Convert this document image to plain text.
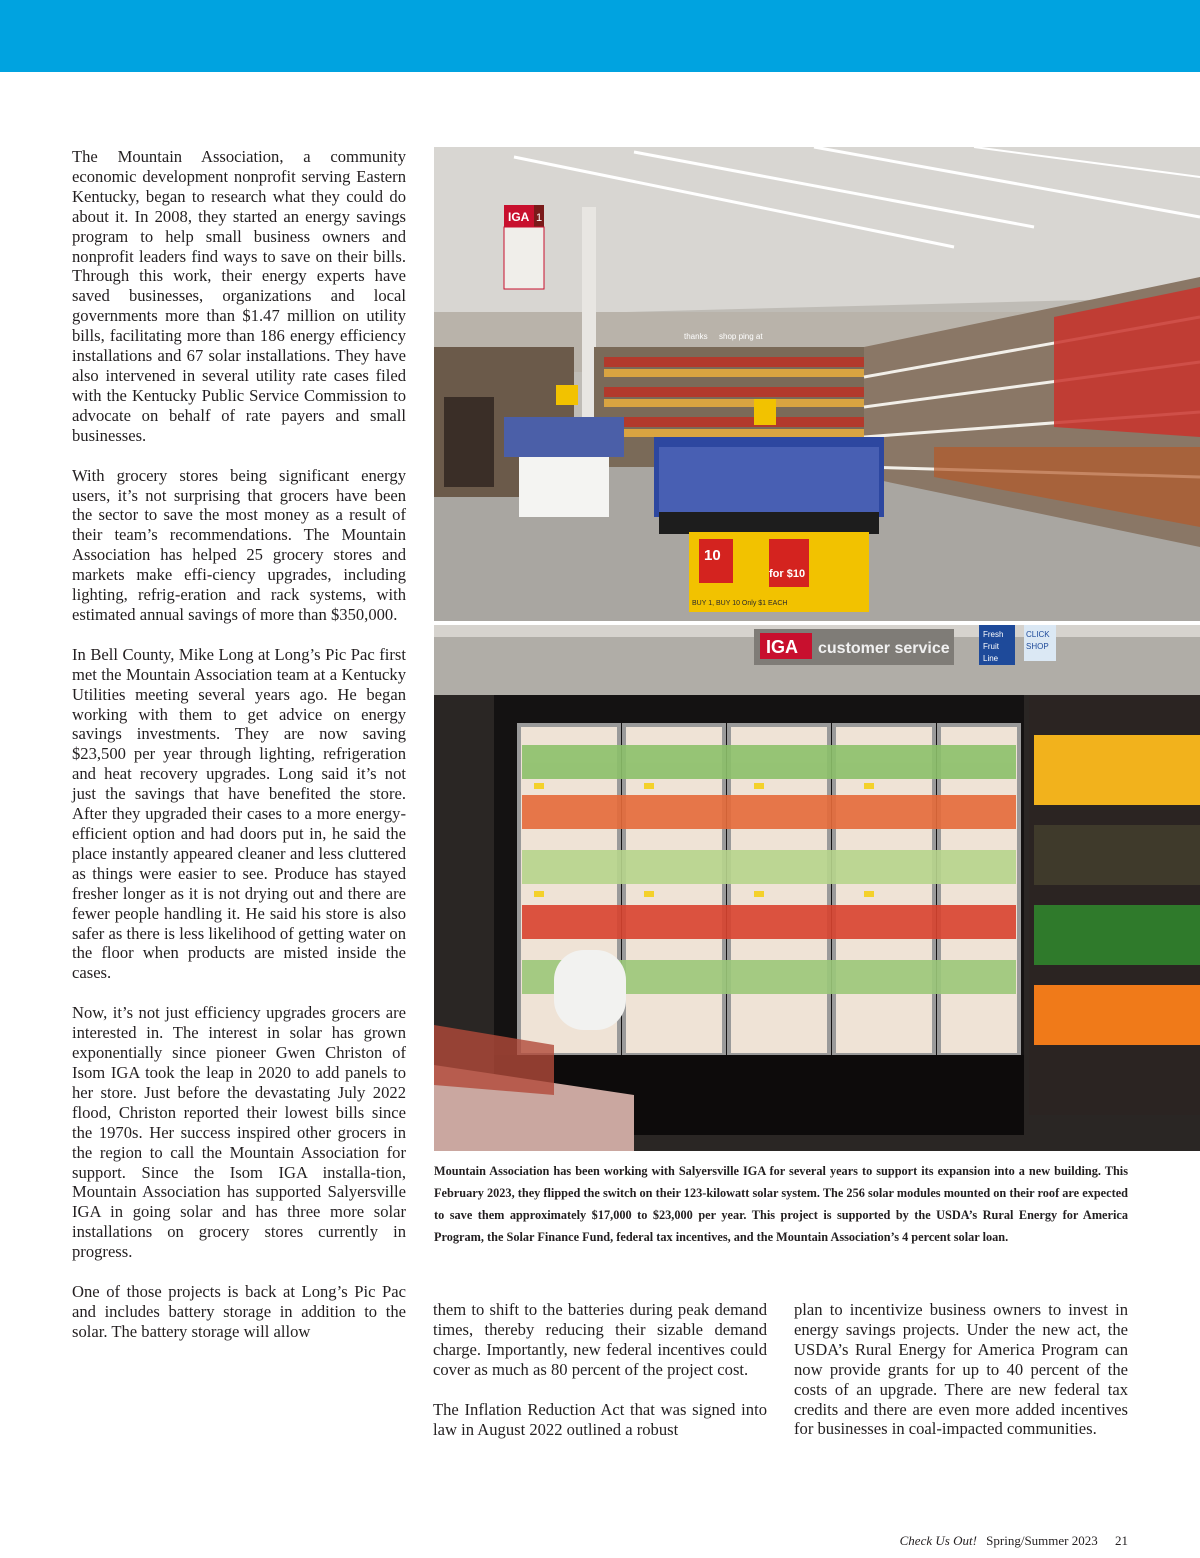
The Mountain Association, a community economic development nonprofit serving Eastern Kentucky, began to research what they could do about it. In 2008, they started an energy savings program to help small business owners and nonprofit leaders find ways to save on their bills. Through this work, their energy experts have saved businesses, organizations and local governments more than $1.47 million on utility bills, facilitating more than 186 energy efficiency installations and 67 solar installations. They have also intervened in several utility rate cases filed with the Kentucky Public Service Commission to advocate on behalf of rate payers and small businesses.

With grocery stores being significant energy users, it’s not surprising that grocers have been the sector to save the most money as a result of their team’s recommendations. The Mountain Association has helped 25 grocery stores and markets make effi-ciency upgrades, including lighting, refrig-eration and rack systems, with estimated annual savings of more than $350,000.

In Bell County, Mike Long at Long’s Pic Pac first met the Mountain Association team at a Kentucky Utilities meeting several years ago. He began working with them to get advice on energy savings investments. They are now saving $23,500 per year through lighting, refrigeration and heat recovery upgrades. Long said it’s not just the savings that have benefited the store. After they upgraded their cases to a more energy-efficient option and had doors put in, he said the place instantly appeared cleaner and less cluttered as things were easier to see. Produce has stayed fresher longer as it is not drying out and there are fewer people handling it. He said his store is also safer as there is less likelihood of getting water on the floor when products are misted inside the cases.

Now, it’s not just efficiency upgrades grocers are interested in. The interest in solar has grown exponentially since pioneer Gwen Christon of Isom IGA took the leap in 2020 to add panels to her store. Just before the devastating July 2022 flood, Christon reported their lowest bills since the 1970s. Her success inspired other grocers in the region to call the Mountain Association for support. Since the Isom IGA installa-tion, Mountain Association has supported Salyersville IGA in going solar and has three more solar installations on grocery stores currently in progress.

One of those projects is back at Long’s Pic Pac and includes battery storage in addition to the solar. The battery storage will allow

IGA 1
thanks shop ping at
10
for $10
BUY 1, BUY 10 Only $1 EACH
IGA customer service
Fresh
Fruit
Line
CLICK
SHOP
Mountain Association has been working with Salyersville IGA for several years to support its expansion into a new building. This February 2023, they flipped the switch on their 123-kilowatt solar system. The 256 solar modules mounted on their roof are expected to save them approximately $17,000 to $23,000 per year. This project is supported by the USDA’s Rural Energy for America Program, the Solar Finance Fund, federal tax incentives, and the Mountain Association’s 4 percent solar loan.

them to shift to the batteries during peak demand times, thereby reducing their sizable demand charge. Importantly, new federal incentives could cover as much as 80 percent of the project cost.

The Inflation Reduction Act that was signed into law in August 2022 outlined a robust

plan to incentivize business owners to invest in energy savings projects. Under the new act, the USDA’s Rural Energy for America Program can now provide grants for up to 40 percent of the costs of an upgrade. There are new federal tax credits and there are even more added incentives for businesses in coal-impacted communities.

Check Us Out! Spring/Summer 2023 21
